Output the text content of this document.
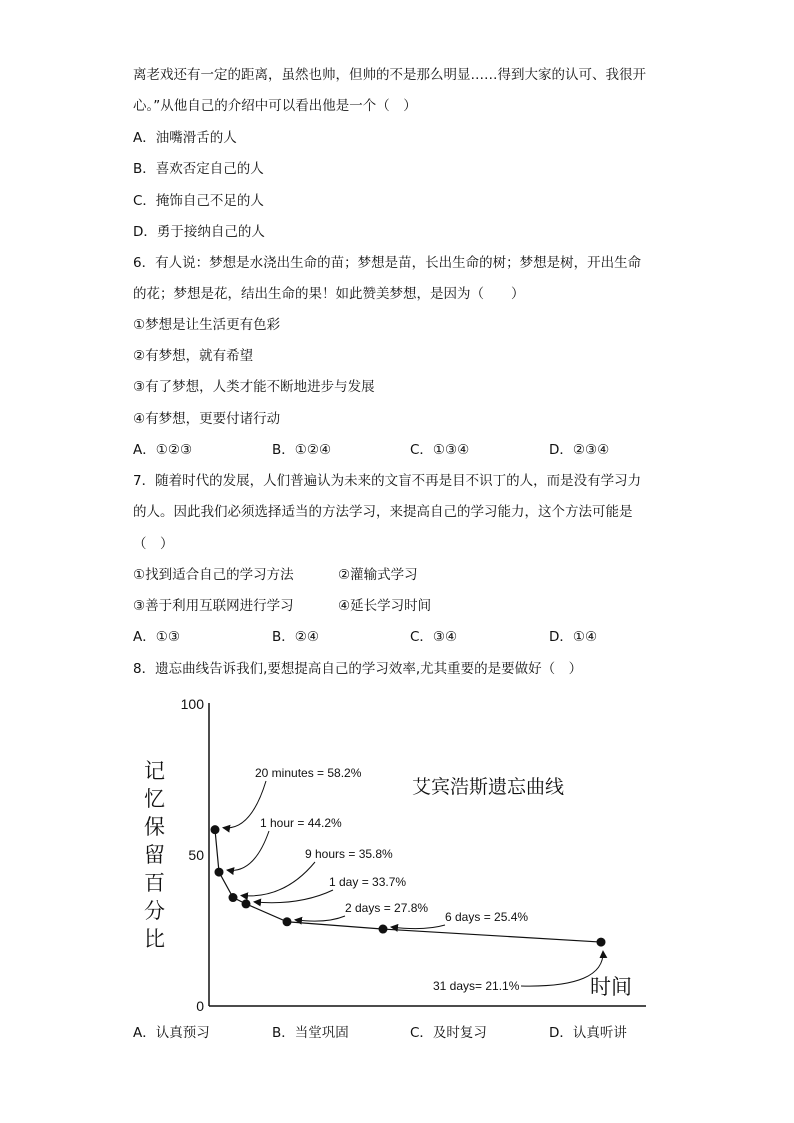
离老戏还有一定的距离，虽然也帅，但帅的不是那么明显……得到大家的认可、我很开
心。”从他自己的介绍中可以看出他是一个（　）
A．油嘴滑舌的人
B．喜欢否定自己的人
C．掩饰自己不足的人
D．勇于接纳自己的人
6．有人说：梦想是水浇出生命的苗；梦想是苗，长出生命的树；梦想是树，开出生命
的花；梦想是花，结出生命的果！如此赞美梦想，是因为（　　）
①梦想是让生活更有色彩
②有梦想，就有希望
③有了梦想，人类才能不断地进步与发展
④有梦想，更要付诸行动
A．①②③	B．①②④	C．①③④	D．②③④
7．随着时代的发展，人们普遍认为未来的文盲不再是目不识丁的人，而是没有学习力
的人。因此我们必须选择适当的方法学习，来提高自己的学习能力，这个方法可能是
（　）
①找到适合自己的学习方法	②灌输式学习
③善于利用互联网进行学习	④延长学习时间
A．①③	B．②④	C．③④	D．①④
8．遗忘曲线告诉我们,要想提高自己的学习效率,尤其重要的是要做好（　）
100
50
0
记
忆
保
留
百
分
比
艾宾浩斯遗忘曲线
时间
20 minutes = 58.2%
1 hour = 44.2%
9 hours = 35.8%
1 day = 33.7%
2 days = 27.8%
6 days = 25.4%
31 days= 21.1%
A．认真预习	B．当堂巩固	C．及时复习	D．认真听讲
